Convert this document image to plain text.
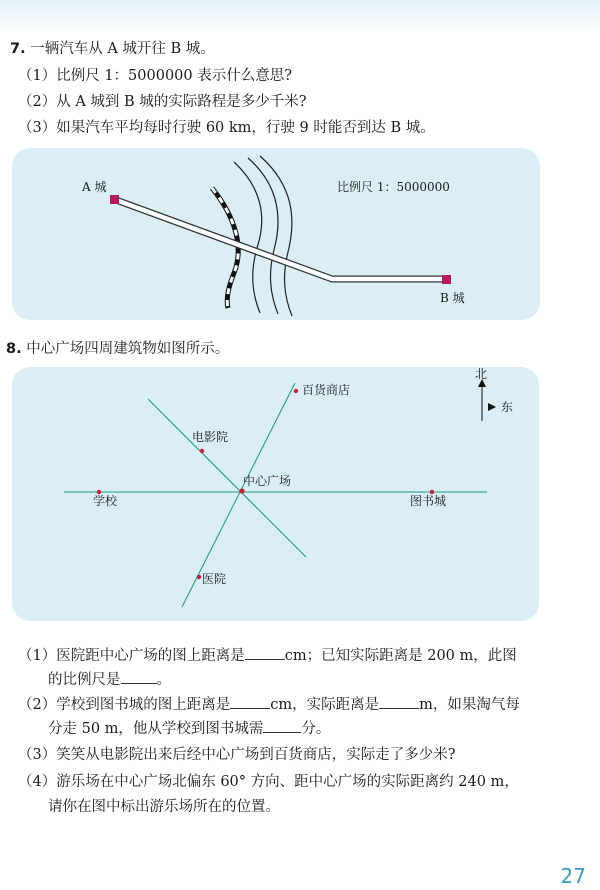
7. 一辆汽车从 A 城开往 B 城。
（1）比例尺 1：5000000 表示什么意思?
（2）从 A 城到 B 城的实际路程是多少千米?
（3）如果汽车平均每时行驶 60 km，行驶 9 时能否到达 B 城。
A 城
B 城
比例尺 1：5000000
8. 中心广场四周建筑物如图所示。
中心广场
学校	图书城
电影院
医院
百货商店
北
东
（1）医院距中心广场的图上距离是	cm；已知实际距离是 200 m，此图
的比例尺是 。
（2）学校到图书城的图上距离是	cm，实际距离是	m，如果淘气每
分走 50 m，他从学校到图书城需	分。
（3）笑笑从电影院出来后经中心广场到百货商店，实际走了多少米?
（4）游乐场在中心广场北偏东 60° 方向、距中心广场的实际距离约 240 m，
请你在图中标出游乐场所在的位置。
27
